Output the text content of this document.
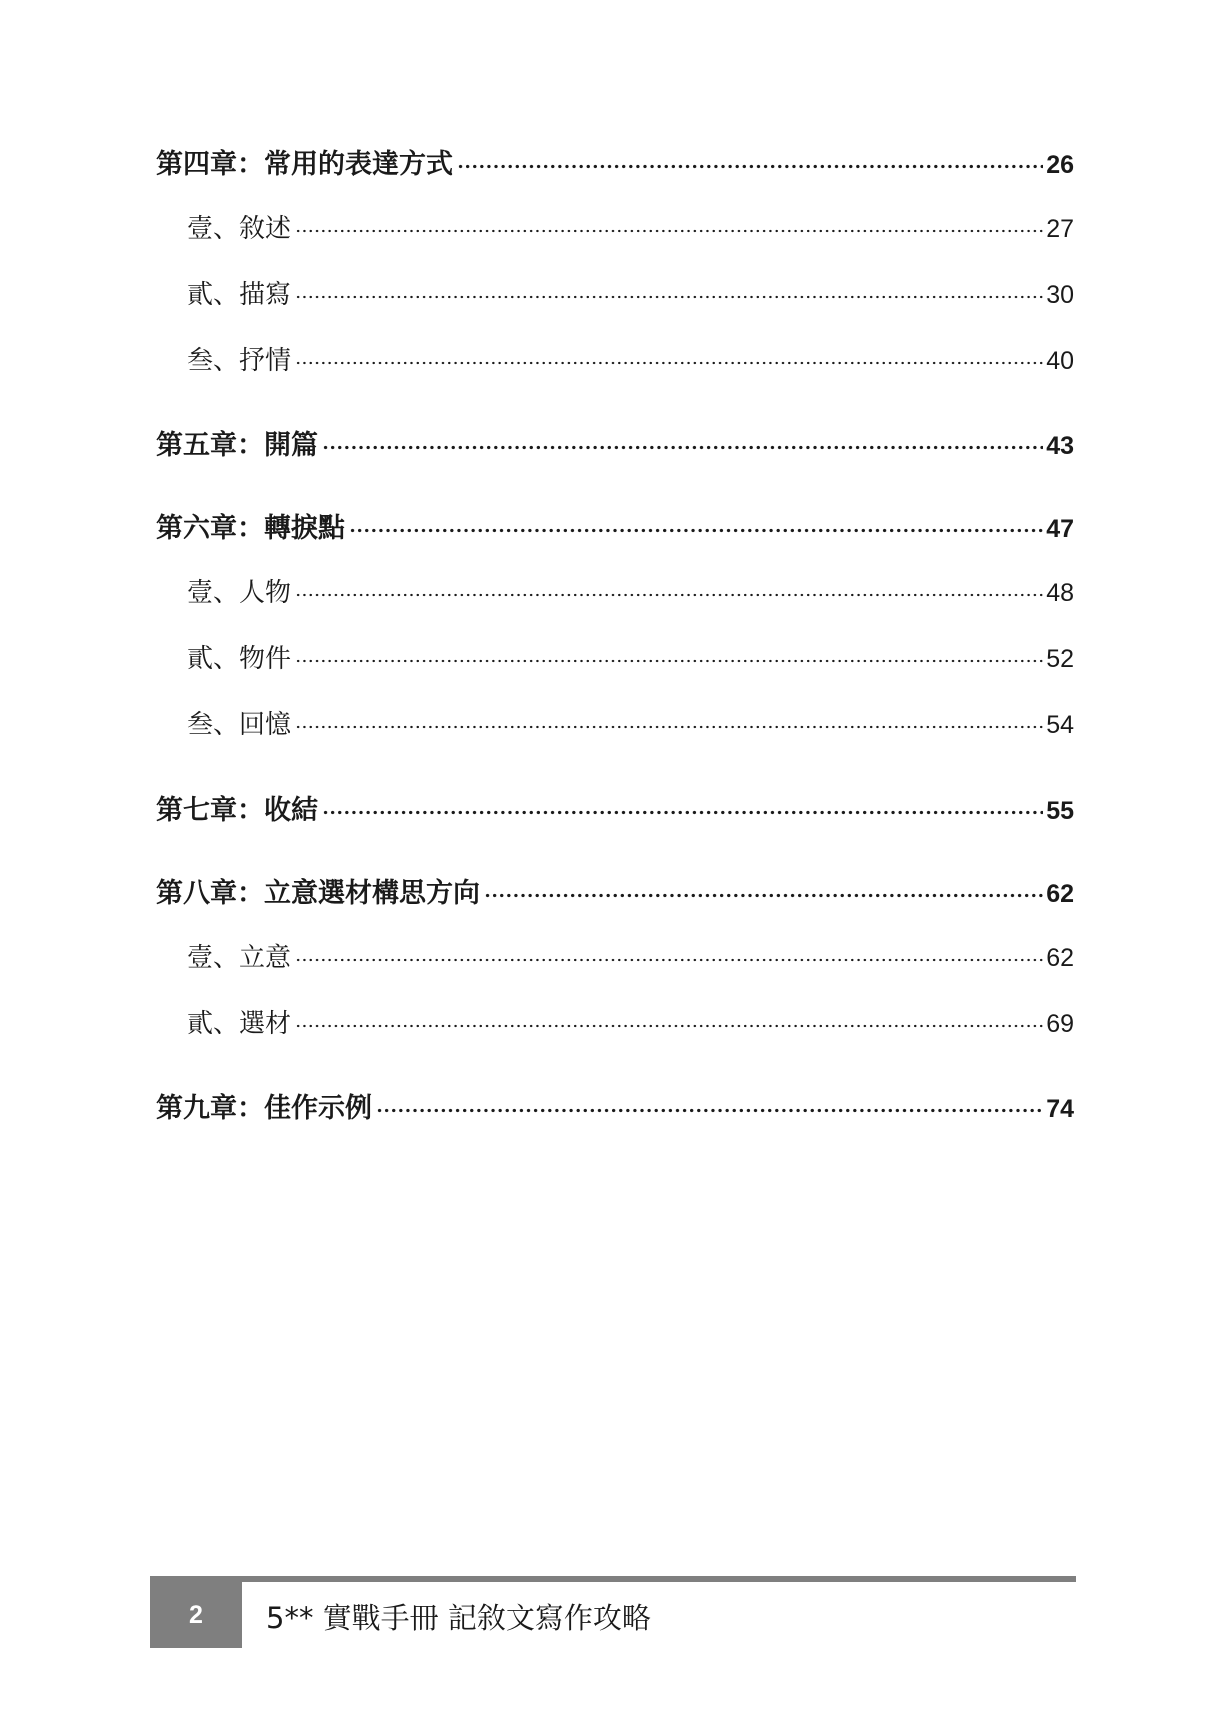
第四章：常用的表達方式	26
壹、敘述	27
貳、描寫	30
叁、抒情	40
第五章：開篇	43
第六章：轉捩點	47
壹、人物	48
貳、物件	52
叁、回憶	54
第七章：收結	55
第八章：立意選材構思方向	62
壹、立意	62
貳、選材	69
第九章：佳作示例	74
2 5** 實戰手冊 記敘文寫作攻略
